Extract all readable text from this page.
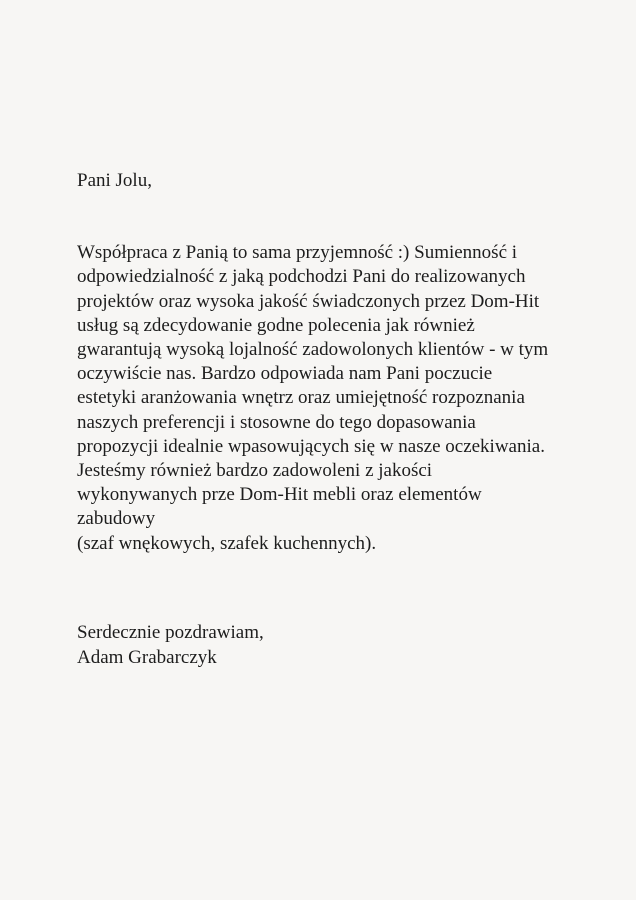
Pani Jolu,
Współpraca z Panią to sama przyjemność :) Sumienność i
odpowiedzialność z jaką podchodzi Pani do realizowanych
projektów oraz wysoka jakość świadczonych przez Dom-Hit
usług są zdecydowanie godne polecenia jak również
gwarantują wysoką lojalność zadowolonych klientów - w tym
oczywiście nas. Bardzo odpowiada nam Pani poczucie
estetyki aranżowania wnętrz oraz umiejętność rozpoznania
naszych preferencji i stosowne do tego dopasowania
propozycji idealnie wpasowujących się w nasze oczekiwania.
Jesteśmy również bardzo zadowoleni z jakości
wykonywanych prze Dom-Hit mebli oraz elementów
zabudowy
(szaf wnękowych, szafek kuchennych).
Serdecznie pozdrawiam,
Adam Grabarczyk
